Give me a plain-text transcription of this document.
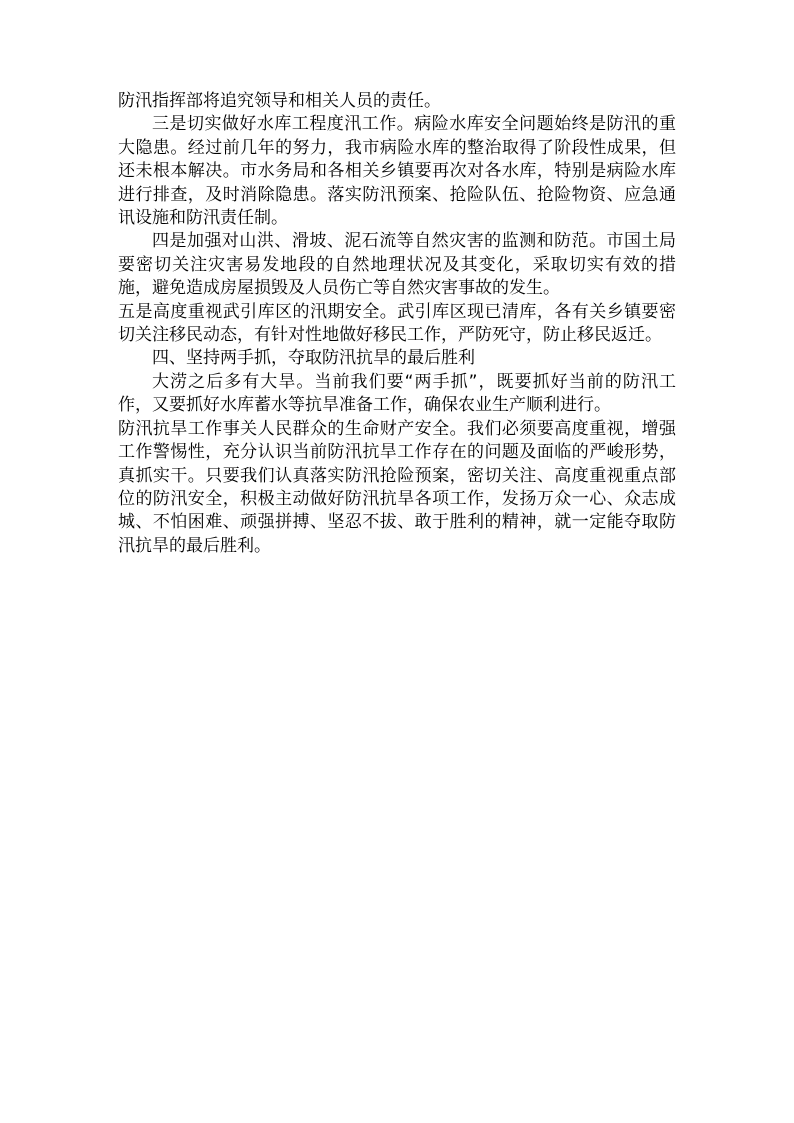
防汛指挥部将追究领导和相关人员的责任。

三是切实做好水库工程度汛工作。病险水库安全问题始终是防汛的重大隐患。经过前几年的努力，我市病险水库的整治取得了阶段性成果，但还未根本解决。市水务局和各相关乡镇要再次对各水库，特别是病险水库进行排查，及时消除隐患。落实防汛预案、抢险队伍、抢险物资、应急通讯设施和防汛责任制。

四是加强对山洪、滑坡、泥石流等自然灾害的监测和防范。市国土局要密切关注灾害易发地段的自然地理状况及其变化，采取切实有效的措施，避免造成房屋损毁及人员伤亡等自然灾害事故的发生。

五是高度重视武引库区的汛期安全。武引库区现已清库，各有关乡镇要密切关注移民动态，有针对性地做好移民工作，严防死守，防止移民返迁。

四、坚持两手抓，夺取防汛抗旱的最后胜利

大涝之后多有大旱。当前我们要“两手抓”，既要抓好当前的防汛工作，又要抓好水库蓄水等抗旱准备工作，确保农业生产顺利进行。

防汛抗旱工作事关人民群众的生命财产安全。我们必须要高度重视，增强工作警惕性，充分认识当前防汛抗旱工作存在的问题及面临的严峻形势，真抓实干。只要我们认真落实防汛抢险预案，密切关注、高度重视重点部位的防汛安全，积极主动做好防汛抗旱各项工作，发扬万众一心、众志成城、不怕困难、顽强拼搏、坚忍不拔、敢于胜利的精神，就一定能夺取防汛抗旱的最后胜利。
